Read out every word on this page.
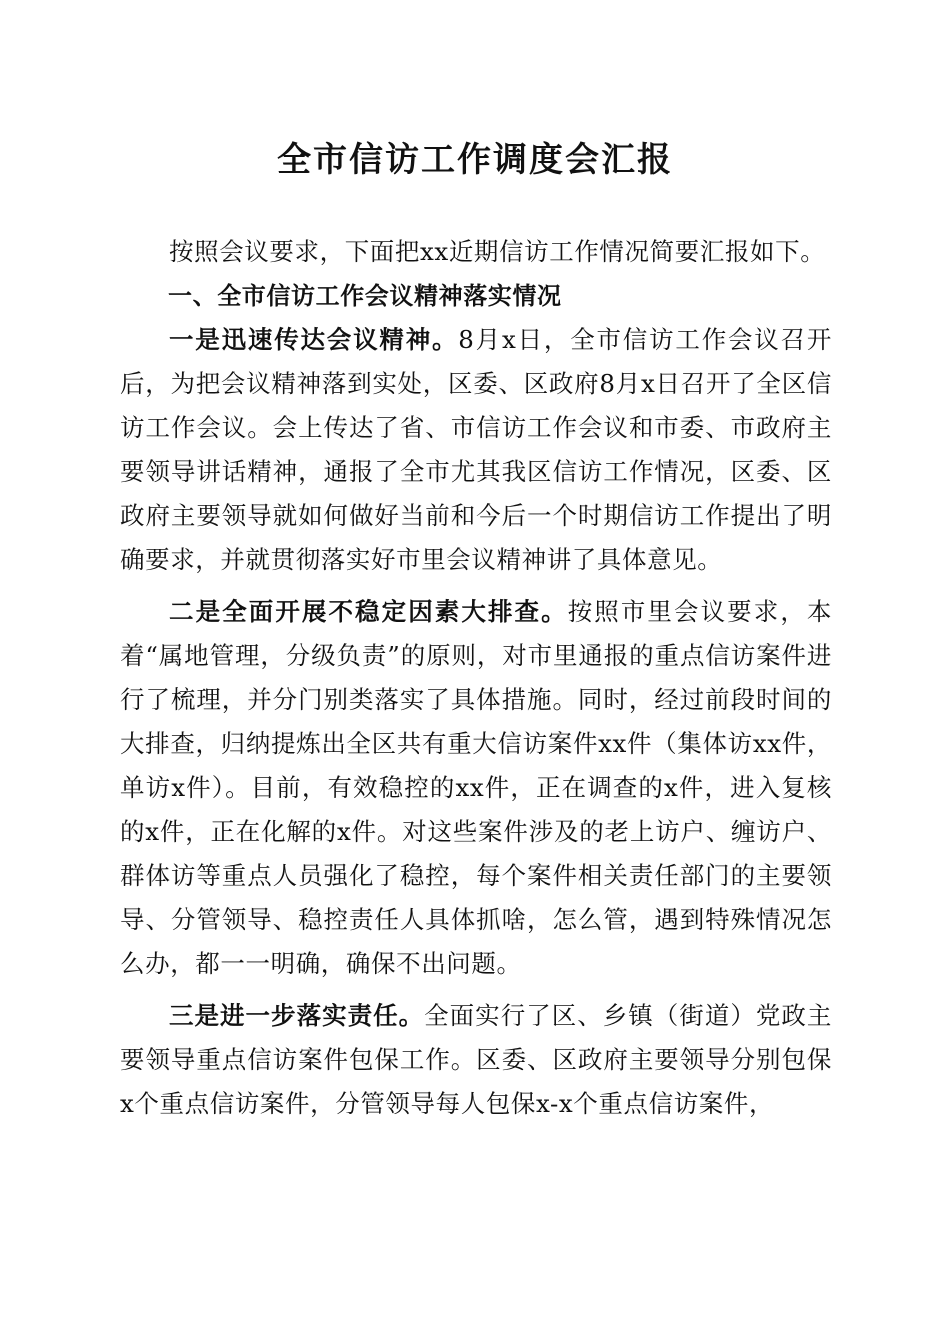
全市信访工作调度会汇报

按照会议要求，下面把xx近期信访工作情况简要汇报如下。

一、全市信访工作会议精神落实情况

一是迅速传达会议精神。8月x日，全市信访工作会议召开后，为把会议精神落到实处，区委、区政府8月x日召开了全区信访工作会议。会上传达了省、市信访工作会议和市委、市政府主要领导讲话精神，通报了全市尤其我区信访工作情况，区委、区政府主要领导就如何做好当前和今后一个时期信访工作提出了明确要求，并就贯彻落实好市里会议精神讲了具体意见。

二是全面开展不稳定因素大排查。按照市里会议要求，本着“属地管理，分级负责”的原则，对市里通报的重点信访案件进行了梳理，并分门别类落实了具体措施。同时，经过前段时间的大排查，归纳提炼出全区共有重大信访案件xx件（集体访xx件，单访x件）。目前，有效稳控的xx件，正在调查的x件，进入复核的x件，正在化解的x件。对这些案件涉及的老上访户、缠访户、群体访等重点人员强化了稳控，每个案件相关责任部门的主要领导、分管领导、稳控责任人具体抓啥，怎么管，遇到特殊情况怎么办，都一一明确，确保不出问题。

三是进一步落实责任。全面实行了区、乡镇（街道）党政主要领导重点信访案件包保工作。区委、区政府主要领导分别包保x个重点信访案件，分管领导每人包保x-x个重点信访案件，
